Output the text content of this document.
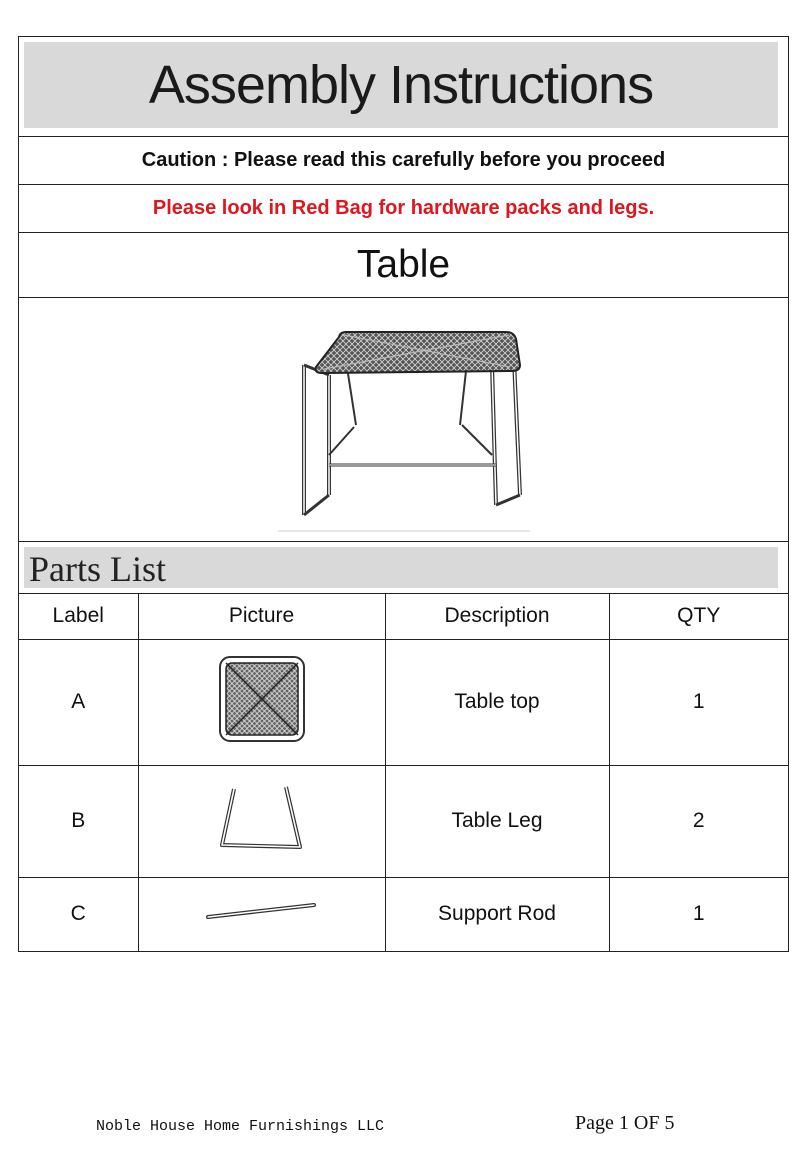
Assembly Instructions
Caution : Please read this carefully before you proceed
Please look in Red Bag for hardware packs and legs.
Table
Parts List
Label	Picture	Description	QTY
A		Table top	1
B		Table Leg	2
C		Support Rod	1
Noble House Home Furnishings LLC	Page 1 OF 5
